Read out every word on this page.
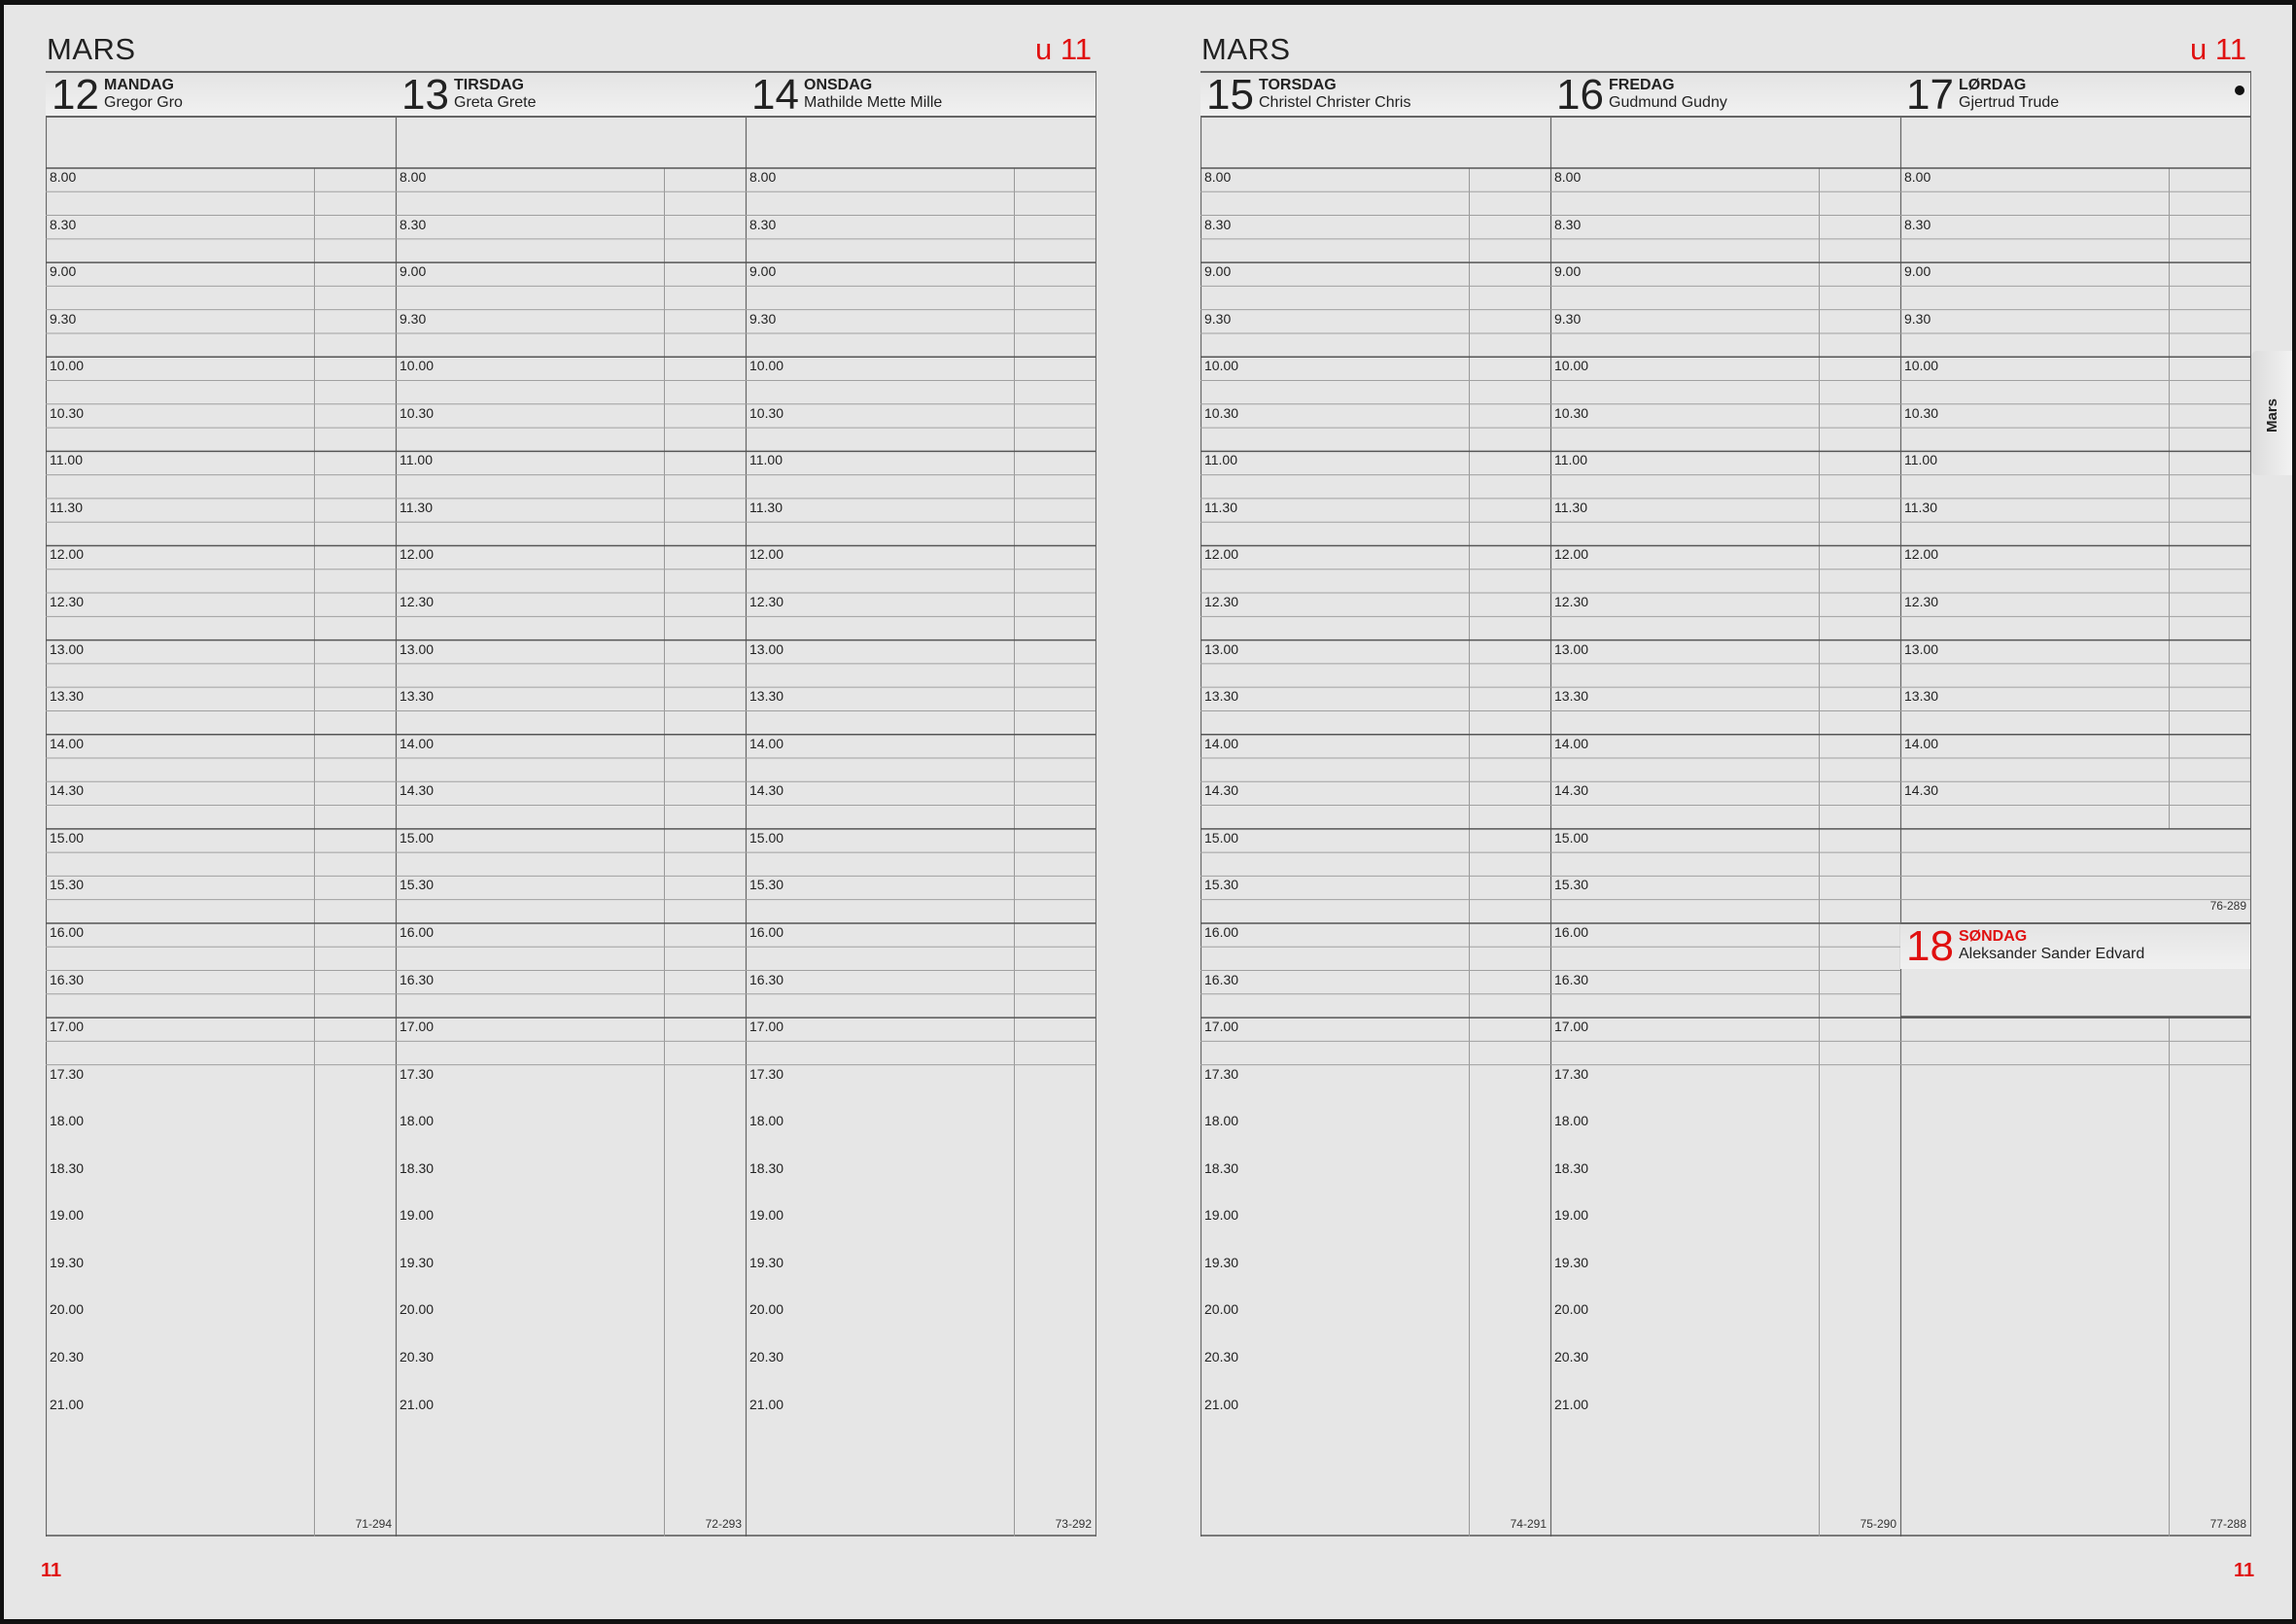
MARS	u 11	MARS	u 11
11	11
Mars
12 MANDAG
Gregor Gro
8.00
8.30
9.00
9.30
10.00
10.30
11.00
11.30
12.00
12.30
13.00
13.30
14.00
14.30
15.00
15.30
16.00
16.30
17.00
17.30
18.00
18.30
19.00
19.30
20.00
20.30
21.00
71-294
13 TIRSDAG
Greta Grete
8.00
8.30
9.00
9.30
10.00
10.30
11.00
11.30
12.00
12.30
13.00
13.30
14.00
14.30
15.00
15.30
16.00
16.30
17.00
17.30
18.00
18.30
19.00
19.30
20.00
20.30
21.00
72-293
14 ONSDAG
Mathilde Mette Mille
8.00
8.30
9.00
9.30
10.00
10.30
11.00
11.30
12.00
12.30
13.00
13.30
14.00
14.30
15.00
15.30
16.00
16.30
17.00
17.30
18.00
18.30
19.00
19.30
20.00
20.30
21.00
73-292
15 TORSDAG
Christel Christer Chris
8.00
8.30
9.00
9.30
10.00
10.30
11.00
11.30
12.00
12.30
13.00
13.30
14.00
14.30
15.00
15.30
16.00
16.30
17.00
17.30
18.00
18.30
19.00
19.30
20.00
20.30
21.00
74-291
16 FREDAG
Gudmund Gudny
8.00
8.30
9.00
9.30
10.00
10.30
11.00
11.30
12.00
12.30
13.00
13.30
14.00
14.30
15.00
15.30
16.00
16.30
17.00
17.30
18.00
18.30
19.00
19.30
20.00
20.30
21.00
75-290
17 LØRDAG
Gjertrud Trude
8.00
8.30
9.00
9.30
10.00
10.30
11.00
11.30
12.00
12.30
13.00
13.30
14.00
14.30
76-289
18 SØNDAG
Aleksander Sander Edvard
77-288
